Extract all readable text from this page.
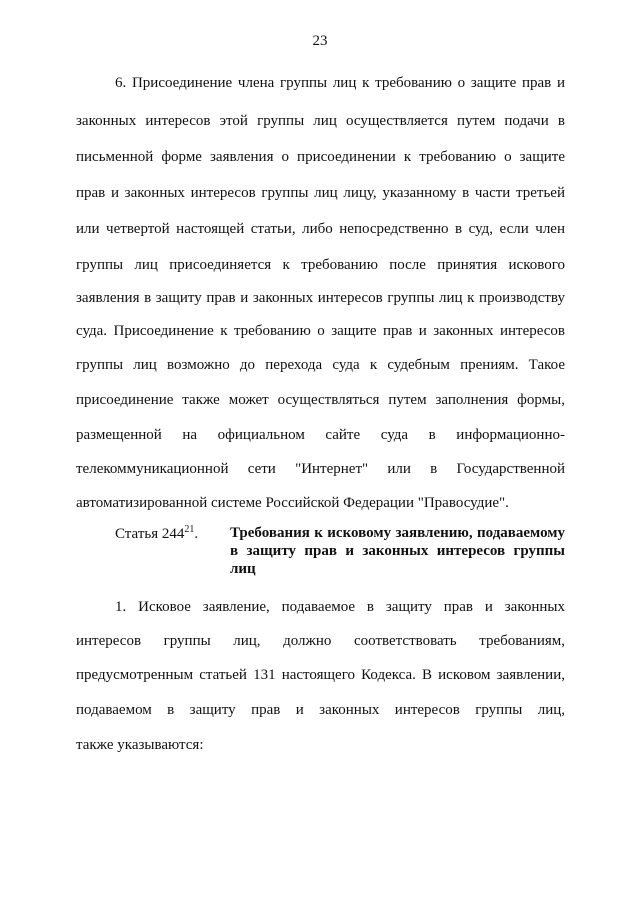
23
6. Присоединение члена группы лиц к требованию о защите прав и
законных интересов этой группы лиц осуществляется путем подачи в
письменной форме заявления о присоединении к требованию о защите
прав и законных интересов группы лиц лицу, указанному в части третьей
или четвертой настоящей статьи, либо непосредственно в суд, если член
группы лиц присоединяется к требованию после принятия искового
заявления в защиту прав и законных интересов группы лиц к производству
суда. Присоединение к требованию о защите прав и законных интересов
группы лиц возможно до перехода суда к судебным прениям. Такое
присоединение также может осуществляться путем заполнения формы,
размещенной на официальном сайте суда в информационно-
телекоммуникационной сети "Интернет" или в Государственной
автоматизированной системе Российской Федерации "Правосудие".
Статья $244^{21}$. Требования к исковому заявлению, подаваемому в защиту прав и законных интересов группы лиц
1. Исковое заявление, подаваемое в защиту прав и законных
интересов группы лиц, должно соответствовать требованиям,
предусмотренным статьей 131 настоящего Кодекса. В исковом заявлении,
подаваемом в защиту прав и законных интересов группы лиц,
также указываются:
